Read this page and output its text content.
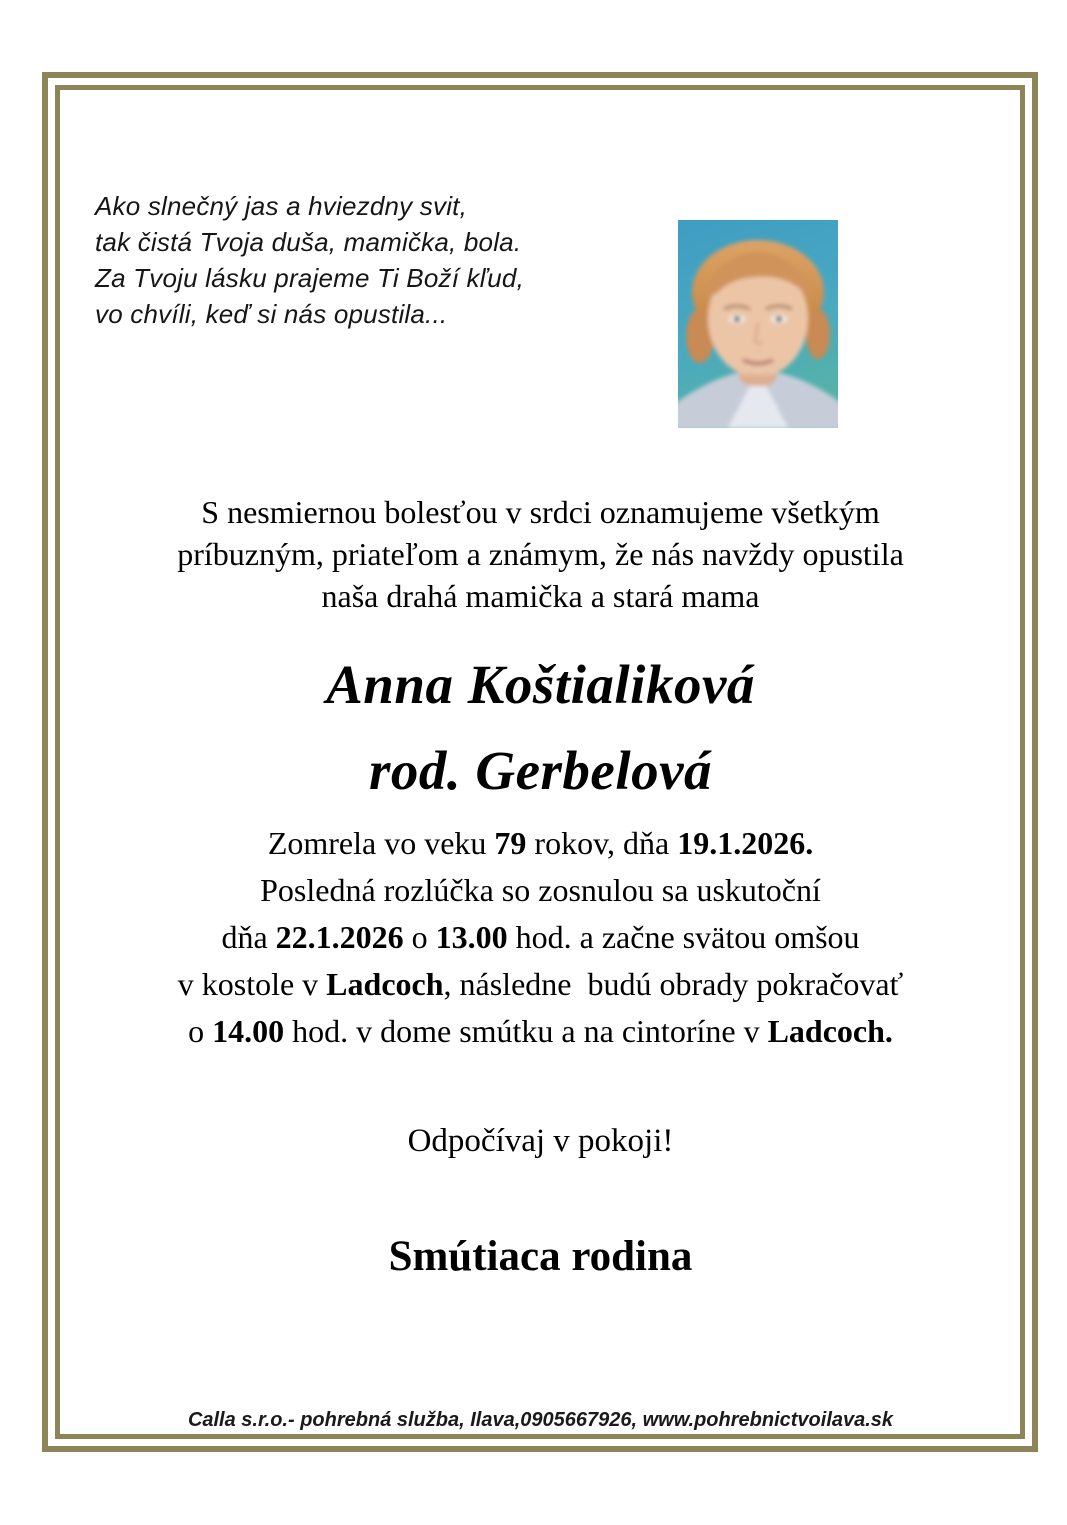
Ako slnečný jas a hviezdny svit,
tak čistá Tvoja duša, mamička, bola.
Za Tvoju lásku prajeme Ti Boží kľud,
vo chvíli, keď si nás opustila...
S nesmiernou bolesťou v srdci oznamujeme všetkým
príbuzným, priateľom a známym, že nás navždy opustila
naša drahá mamička a stará mama
Anna Koštialiková
rod. Gerbelová
Zomrela vo veku 79 rokov, dňa 19.1.2026.
Posledná rozlúčka so zosnulou sa uskutoční
dňa 22.1.2026 o 13.00 hod. a začne svätou omšou
v kostole v Ladcoch, následne  budú obrady pokračovať
o 14.00 hod. v dome smútku a na cintoríne v Ladcoch.
Odpočívaj v pokoji!
Smútiaca rodina
Calla s.r.o.- pohrebná služba, Ilava,0905667926, www.pohrebnictvoilava.sk
